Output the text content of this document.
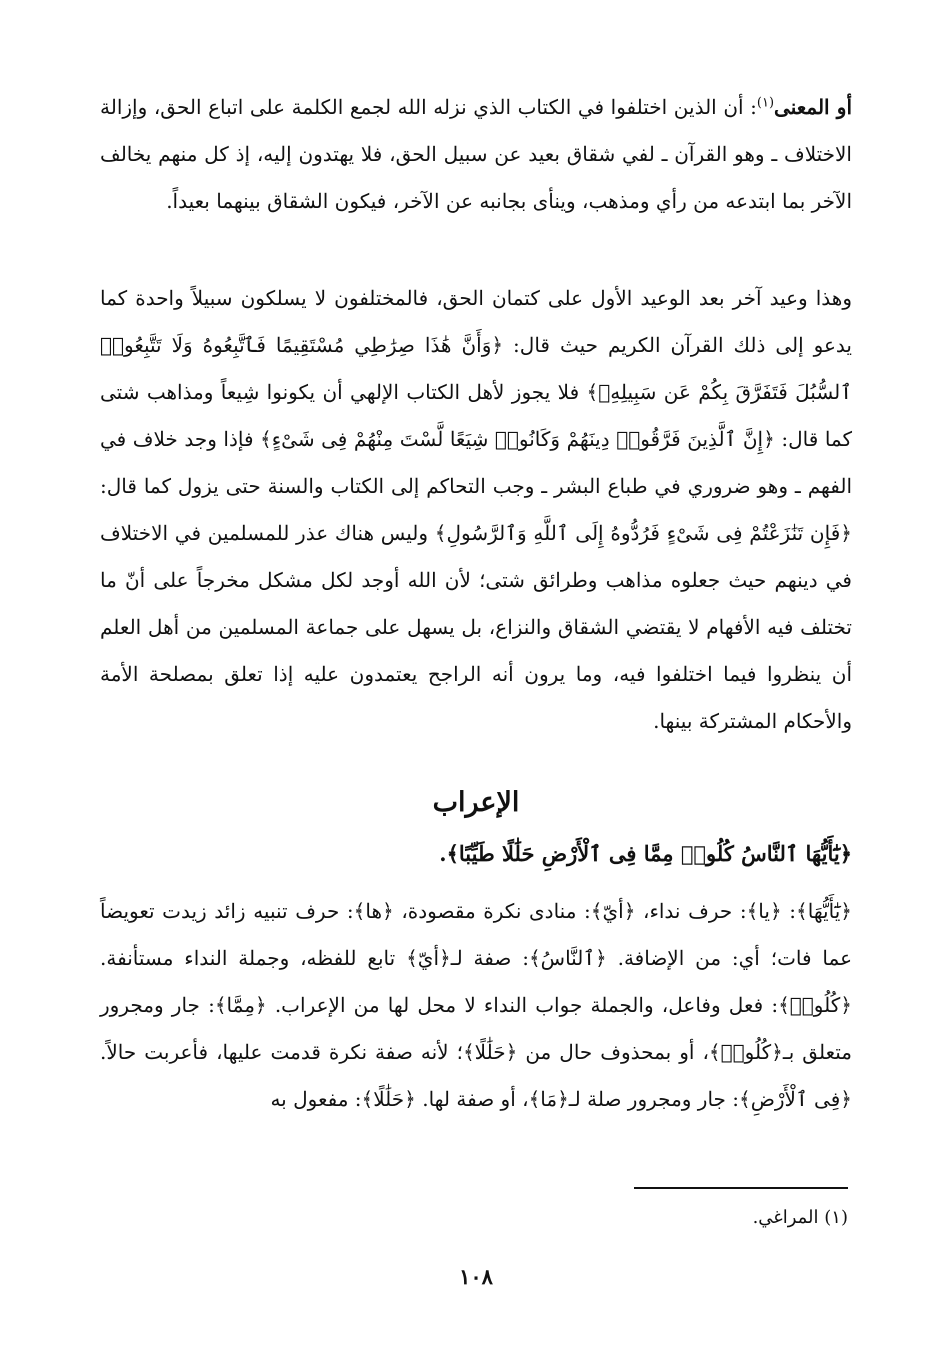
أو المعنى$^{(١)}$: أن الذين اختلفوا في الكتاب الذي نزله الله لجمع الكلمة على اتباع الحق، وإزالة الاختلاف ـ وهو القرآن ـ لفي شقاق بعيد عن سبيل الحق، فلا يهتدون إليه، إذ كل منهم يخالف الآخر بما ابتدعه من رأي ومذهب، وينأى بجانبه عن الآخر، فيكون الشقاق بينهما بعيداً.

وهذا وعيد آخر بعد الوعيد الأول على كتمان الحق، فالمختلفون لا يسلكون سبيلاً واحدة كما يدعو إلى ذلك القرآن الكريم حيث قال: ﴿وَأَنَّ هَٰذَا صِرَٰطِي مُسْتَقِيمًا فَٱتَّبِعُوهُ وَلَا تَتَّبِعُوا۟ ٱلسُّبُلَ فَتَفَرَّقَ بِكُمْ عَن سَبِيلِهِۦ﴾ فلا يجوز لأهل الكتاب الإلهي أن يكونوا شِيعاً ومذاهب شتى كما قال: ﴿إِنَّ ٱلَّذِينَ فَرَّقُوا۟ دِينَهُمْ وَكَانُوا۟ شِيَعًا لَّسْتَ مِنْهُمْ فِى شَىْءٍ﴾ فإذا وجد خلاف في الفهم ـ وهو ضروري في طباع البشر ـ وجب التحاكم إلى الكتاب والسنة حتى يزول كما قال: ﴿فَإِن تَنَٰزَعْتُمْ فِى شَىْءٍ فَرُدُّوهُ إِلَى ٱللَّهِ وَٱلرَّسُولِ﴾ وليس هناك عذر للمسلمين في الاختلاف في دينهم حيث جعلوه مذاهب وطرائق شتى؛ لأن الله أوجد لكل مشكل مخرجاً على أنّ ما تختلف فيه الأفهام لا يقتضي الشقاق والنزاع، بل يسهل على جماعة المسلمين من أهل العلم أن ينظروا فيما اختلفوا فيه، وما يرون أنه الراجح يعتمدون عليه إذا تعلق بمصلحة الأمة والأحكام المشتركة بينها.

الإعراب

﴿يَٰٓأَيُّهَا ٱلنَّاسُ كُلُوا۟ مِمَّا فِى ٱلْأَرْضِ حَلَٰلًا طَيِّبًا﴾.

﴿يَٰٓأَيُّهَا﴾: ﴿يا﴾: حرف نداء، ﴿أيّ﴾: منادى نكرة مقصودة، ﴿ها﴾: حرف تنبيه زائد زيدت تعويضاً عما فات؛ أي: من الإضافة. ﴿ٱلنَّاسُ﴾: صفة لـ﴿أيّ﴾ تابع للفظه، وجملة النداء مستأنفة. ﴿كُلُوا۟﴾: فعل وفاعل، والجملة جواب النداء لا محل لها من الإعراب. ﴿مِمَّا﴾: جار ومجرور متعلق بـ﴿كُلُوا۟﴾، أو بمحذوف حال من ﴿حَلَٰلًا﴾؛ لأنه صفة نكرة قدمت عليها، فأعربت حالاً. ﴿فِى ٱلْأَرْضِ﴾: جار ومجرور صلة لـ﴿مَا﴾، أو صفة لها. ﴿حَلَٰلًا﴾: مفعول به

(١) المراغي.

١٠٨
